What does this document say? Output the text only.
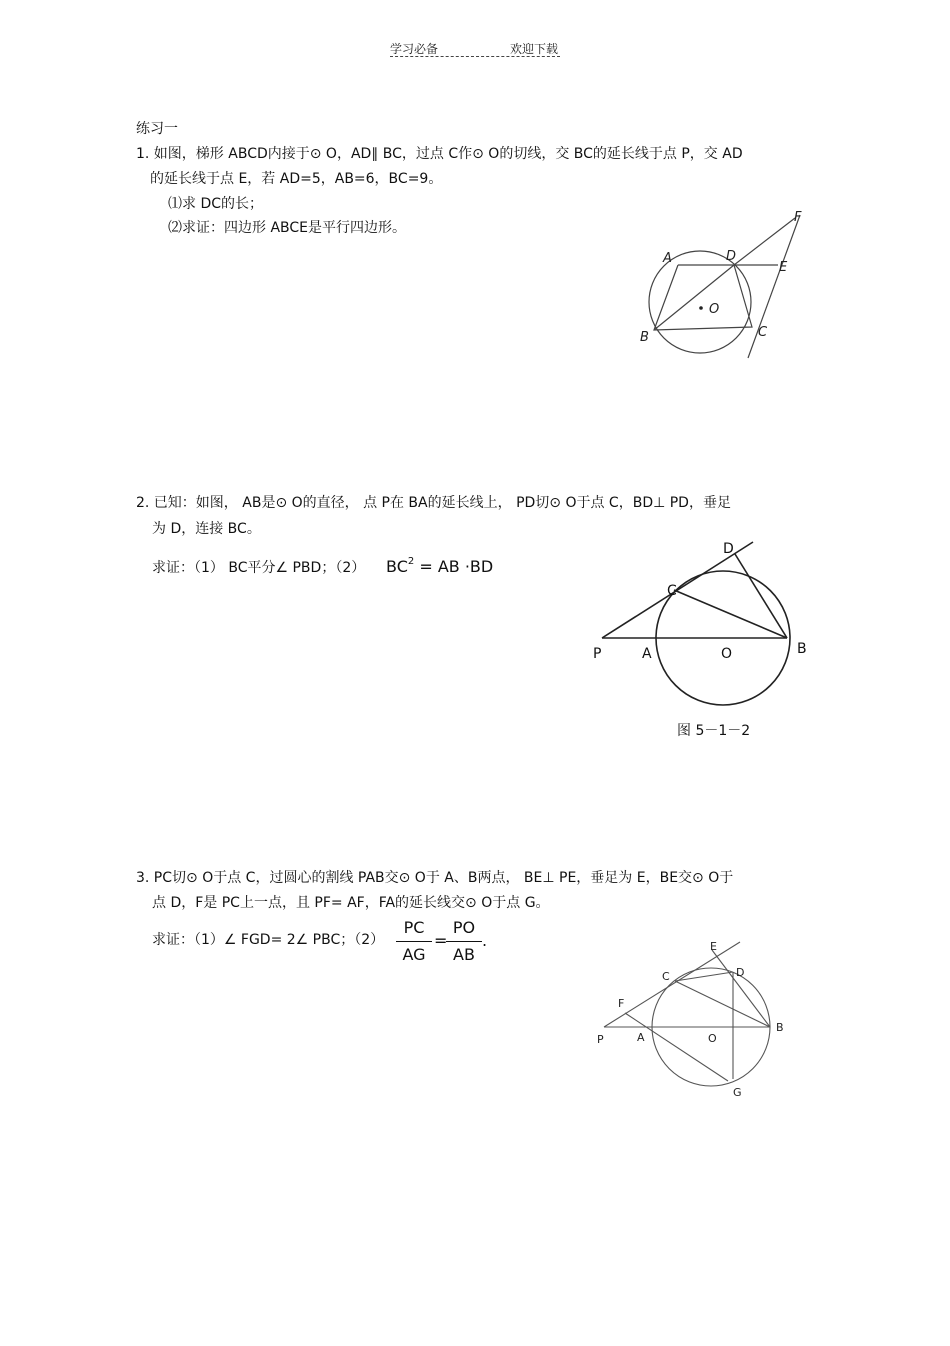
学习必备	欢迎下载
练习一
1. 如图，梯形 ABCD内接于⊙ O，AD∥ BC，过点 C作⊙ O的切线，交 BC的延长线于点 P，交 AD
的延长线于点 E，若 AD=5，AB=6，BC=9。
⑴求 DC的长；
⑵求证：四边形 ABCE是平行四边形。
A	D
E
F
O
B	C
2. 已知：如图， AB是⊙ O的直径， 点 P在 BA的延长线上， PD切⊙ O于点 C，BD⊥ PD，垂足
为 D，连接 BC。
求证：（1） BC平分∠ PBD；（2） $BC^2$ = AB ·BD
D
C
P	A	O	B
图 5－1－2
3. PC切⊙ O于点 C，过圆心的割线 PAB交⊙ O于 A、B两点， BE⊥ PE，垂足为 E，BE交⊙ O于
点 D，F是 PC上一点，且 PF= AF，FA的延长线交⊙ O于点 G。
求证：（1）∠ FGD= 2∠ PBC；（2）
PC
AG
=
PO
AB
.	E
C	D
F
P	A	O
B
G
